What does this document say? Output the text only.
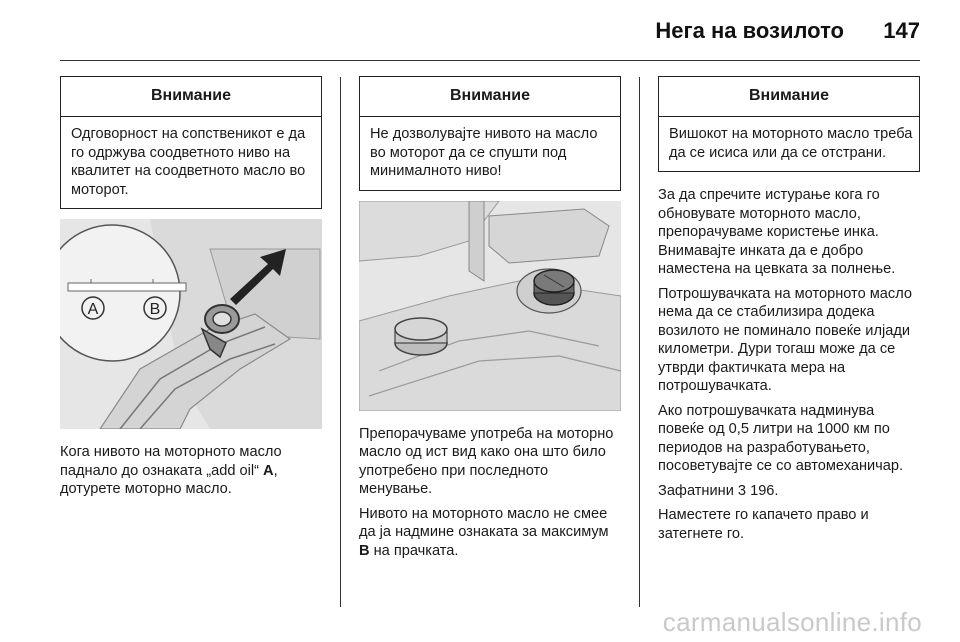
Нега на возилото 147
Внимание
Одговорност на сопственикот е да го одржува соодветното ниво на квалитет на соодветното масло во моторот.
A	B

Кога нивото на моторното масло паднало до ознаката „add oil“ A, дотурете моторно масло.

Внимание
Не дозволувајте нивото на масло во моторот да се спушти под минималното ниво!

Препорачуваме употреба на моторно масло од ист вид како она што било употребено при последното менување.

Нивото на моторното масло не смее да ја надмине ознаката за максимум B на прачката.

Внимание
Вишокот на моторното масло треба да се исиса или да се отстрани.

За да спречите истурање кога го обновувате моторното масло, препорачуваме користење инка. Внимавајте инката да е добро наместена на цевката за полнење.

Потрошувачката на моторното масло нема да се стабилизира додека возилото не поминало повеќе илјади километри. Дури тогаш може да се утврди фактичката мера на потрошувачката.

Ако потрошувачката надминува повеќе од 0,5 литри на 1000 км по периодов на разработувањето, посоветувајте се со автомеханичар.

Зафатнини 3 196.

Наместете го капачето право и затегнете го.

carmanualsonline.info
